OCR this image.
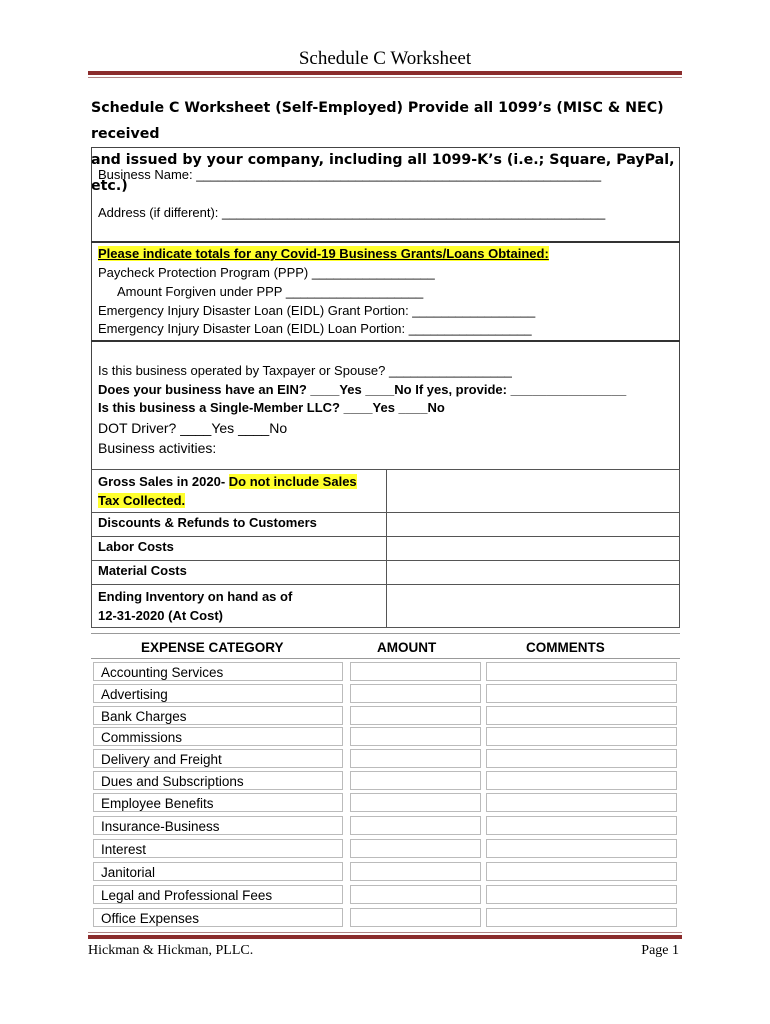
Schedule C Worksheet
Schedule C Worksheet (Self-Employed) Provide all 1099’s (MISC & NEC) received
and issued by your company, including all 1099-K’s (i.e.; Square, PayPal, etc.)
Business Name: ________________________________________________________
Address (if different): _____________________________________________________
Please indicate totals for any Covid-19 Business Grants/Loans Obtained:
Paycheck Protection Program (PPP) _________________
Amount Forgiven under PPP ___________________
Emergency Injury Disaster Loan (EIDL) Grant Portion: _________________
Emergency Injury Disaster Loan (EIDL) Loan Portion: _________________
Is this business operated by Taxpayer or Spouse? _________________
Does your business have an EIN? ____Yes ____No If yes, provide: ________________
Is this business a Single-Member LLC? ____Yes ____No
DOT Driver? ____Yes ____No
Business activities:
Gross Sales in 2020- Do not include Sales
Tax Collected.	
Discounts & Refunds to Customers	
Labor Costs	
Material Costs	
Ending Inventory on hand as of
12-31-2020 (At Cost)	
EXPENSE CATEGORY	AMOUNT	COMMENTS
Accounting Services
Advertising
Bank Charges
Commissions
Delivery and Freight
Dues and Subscriptions
Employee Benefits
Insurance-Business
Interest
Janitorial
Legal and Professional Fees
Office Expenses
Hickman & Hickman, PLLC.	Page 1
